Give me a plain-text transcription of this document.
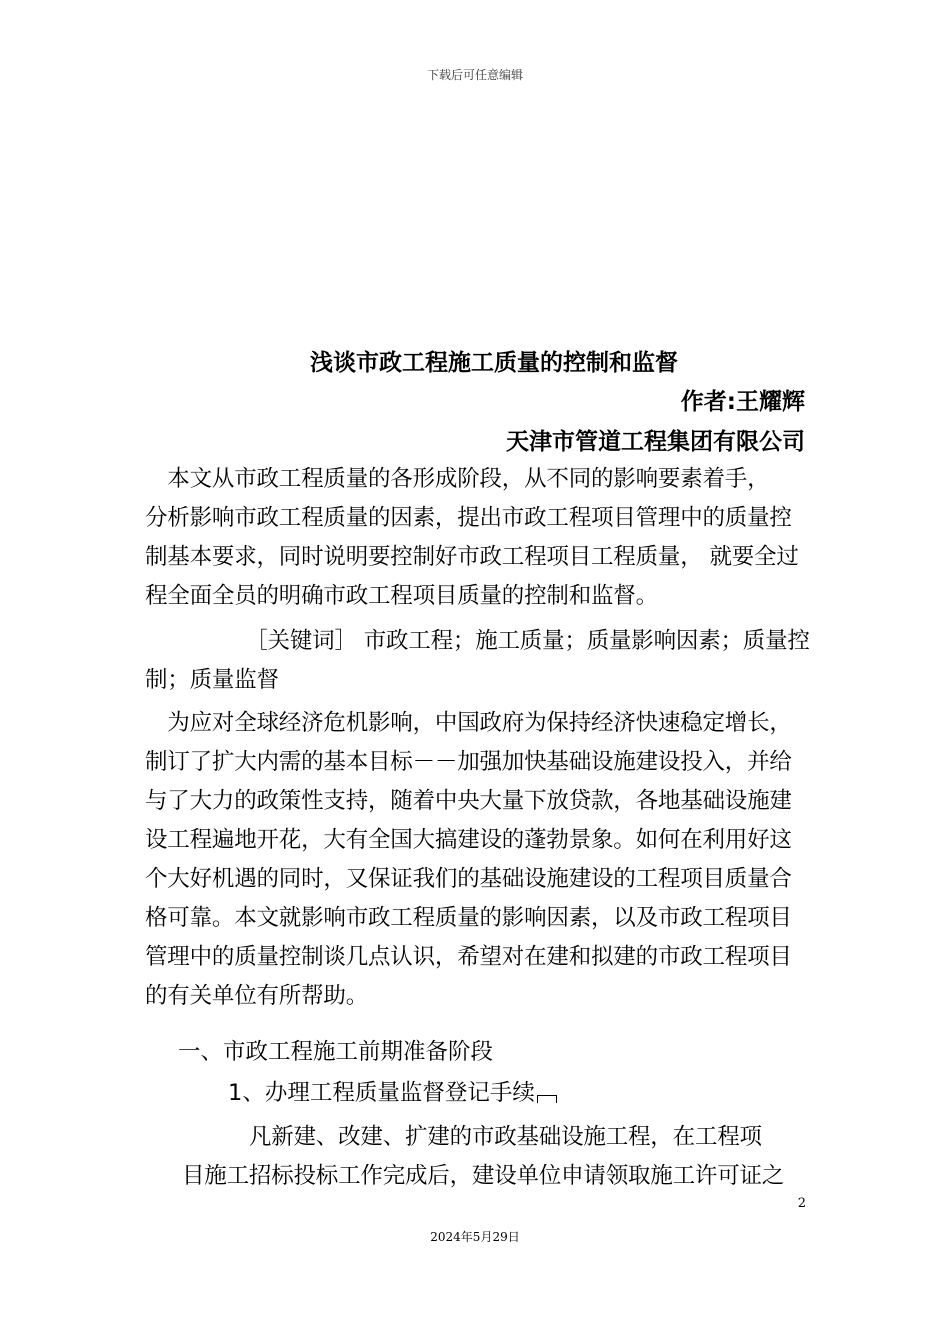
下载后可任意编辑
浅谈市政工程施工质量的控制和监督
作者:王耀辉
天津市管道工程集团有限公司
　本文从市政工程质量的各形成阶段，从不同的影响要素着手，
分析影响市政工程质量的因素，提出市政工程项目管理中的质量控
制基本要求，同时说明要控制好市政工程项目工程质量， 就要全过
程全面全员的明确市政工程项目质量的控制和监督。
　　　　　［关键词］ 市政工程；施工质量；质量影响因素；质量控
制；质量监督
　为应对全球经济危机影响，中国政府为保持经济快速稳定增长，
制订了扩大内需的基本目标－－加强加快基础设施建设投入，并给
与了大力的政策性支持，随着中央大量下放贷款，各地基础设施建
设工程遍地开花，大有全国大搞建设的蓬勃景象。如何在利用好这
个大好机遇的同时，又保证我们的基础设施建设的工程项目质量合
格可靠。本文就影响市政工程质量的影响因素，以及市政工程项目
管理中的质量控制谈几点认识，希望对在建和拟建的市政工程项目
的有关单位有所帮助。
一、市政工程施工前期准备阶段
1、办理工程质量监督登记手续
　　　凡新建、改建、扩建的市政基础设施工程，在工程项
目施工招标投标工作完成后，建设单位申请领取施工许可证之
2
2024年5月29日
